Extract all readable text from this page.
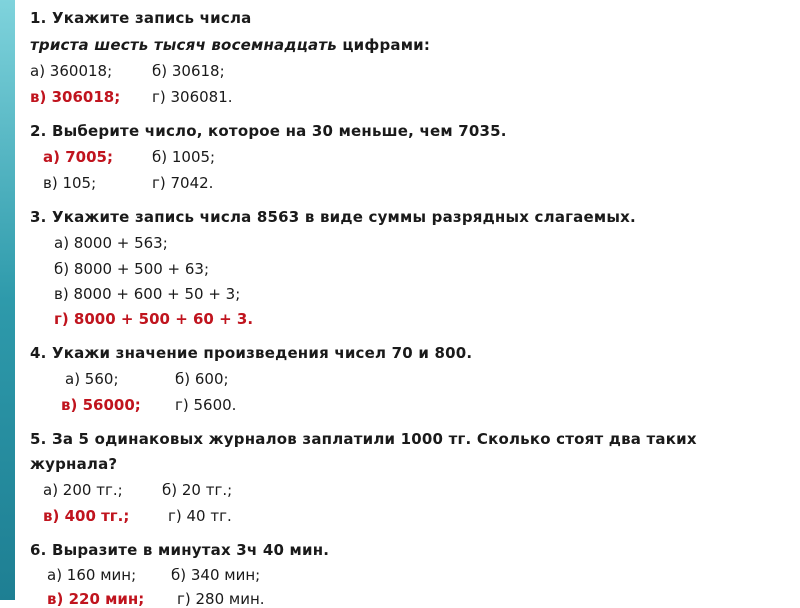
1. Укажите запись числа
триста шесть тысяч восемнадцать цифрами:
а) 360018;	б) 30618;
в) 306018; г) 306081.
2. Выберите число, которое на 30 меньше, чем 7035.
а) 7005;	б) 1005;
в) 105;	г) 7042.
3. Укажите запись числа 8563 в виде суммы разрядных слагаемых.
а) 8000 + 563;
б) 8000 + 500 + 63;
в) 8000 + 600 + 50 + 3;
г) 8000 + 500 + 60 + 3.
4. Укажи значение произведения чисел 70 и 800.
а) 560;	б) 600;
в) 56000; г) 5600.
5. За 5 одинаковых журналов заплатили 1000 тг. Сколько стоят два таких
журнала?
а) 200 тг.;	б) 20 тг.;
в) 400 тг.;	г) 40 тг.
6. Выразите в минутах 3ч 40 мин.
а) 160 мин; б) 340 мин;
в) 220 мин; г) 280 мин.
